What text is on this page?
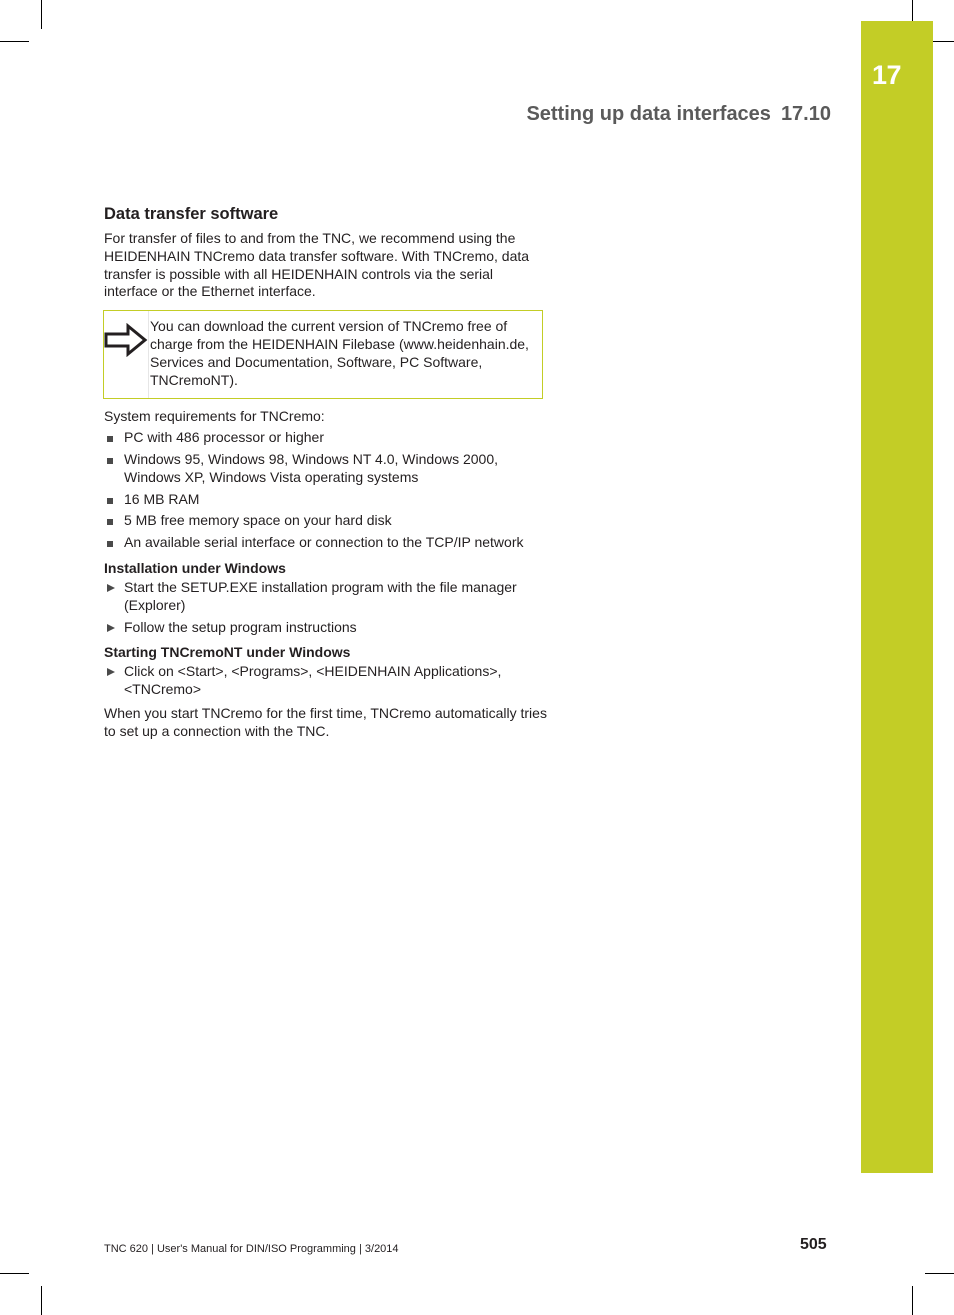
17
Setting up data interfaces 17.10
Data transfer software

For transfer of files to and from the TNC, we recommend using the HEIDENHAIN TNCremo data transfer software. With TNCremo, data transfer is possible with all HEIDENHAIN controls via the serial interface or the Ethernet interface.

You can download the current version of TNCremo free of charge from the HEIDENHAIN Filebase (www.heidenhain.de, Services and Documentation, Software, PC Software, TNCremoNT).

System requirements for TNCremo:

PC with 486 processor or higher
Windows 95, Windows 98, Windows NT 4.0, Windows 2000, Windows XP, Windows Vista operating systems
16 MB RAM
5 MB free memory space on your hard disk
An available serial interface or connection to the TCP/IP network
Installation under Windows
Start the SETUP.EXE installation program with the file manager (Explorer)
Follow the setup program instructions
Starting TNCremoNT under Windows
Click on <Start>, <Programs>, <HEIDENHAIN Applications>, <TNCremo>

When you start TNCremo for the first time, TNCremo automatically tries to set up a connection with the TNC.

TNC 620 | User's Manual for DIN/ISO Programming | 3/2014	505
